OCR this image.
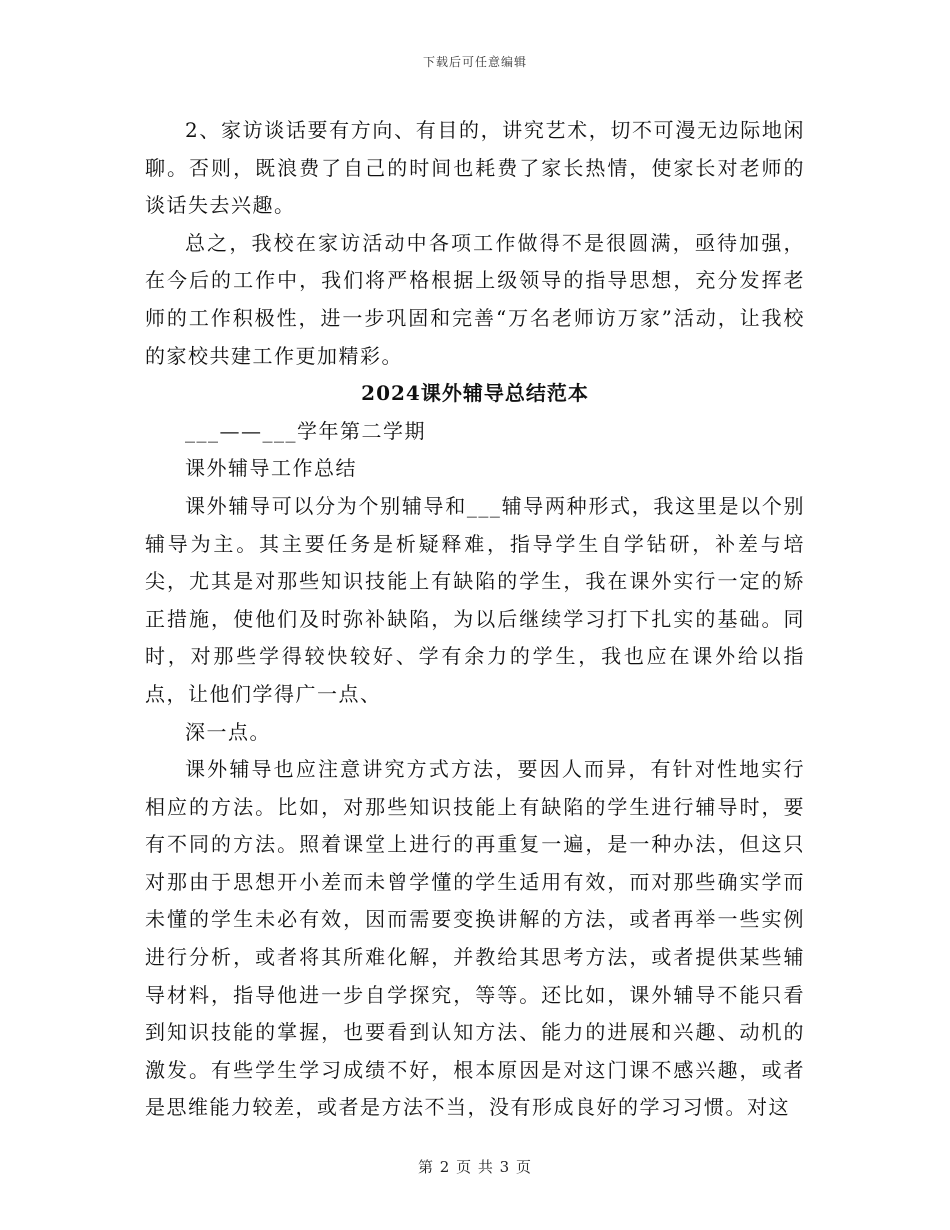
下载后可任意编辑

2、家访谈话要有方向、有目的，讲究艺术，切不可漫无边际地闲聊。否则，既浪费了自己的时间也耗费了家长热情，使家长对老师的谈话失去兴趣。

总之，我校在家访活动中各项工作做得不是很圆满，亟待加强，在今后的工作中，我们将严格根据上级领导的指导思想，充分发挥老师的工作积极性，进一步巩固和完善“万名老师访万家”活动，让我校的家校共建工作更加精彩。

2024课外辅导总结范本

___——___学年第二学期

课外辅导工作总结

课外辅导可以分为个别辅导和___辅导两种形式，我这里是以个别辅导为主。其主要任务是析疑释难，指导学生自学钻研，补差与培尖，尤其是对那些知识技能上有缺陷的学生，我在课外实行一定的矫正措施，使他们及时弥补缺陷，为以后继续学习打下扎实的基础。同时，对那些学得较快较好、学有余力的学生，我也应在课外给以指点，让他们学得广一点、

深一点。

课外辅导也应注意讲究方式方法，要因人而异，有针对性地实行相应的方法。比如，对那些知识技能上有缺陷的学生进行辅导时，要有不同的方法。照着课堂上进行的再重复一遍，是一种办法，但这只对那由于思想开小差而未曾学懂的学生适用有效，而对那些确实学而未懂的学生未必有效，因而需要变换讲解的方法，或者再举一些实例进行分析，或者将其所难化解，并教给其思考方法，或者提供某些辅导材料，指导他进一步自学探究，等等。还比如，课外辅导不能只看到知识技能的掌握，也要看到认知方法、能力的进展和兴趣、动机的激发。有些学生学习成绩不好，根本原因是对这门课不感兴趣，或者是思维能力较差，或者是方法不当，没有形成良好的学习习惯。对这

第 2 页 共 3 页
